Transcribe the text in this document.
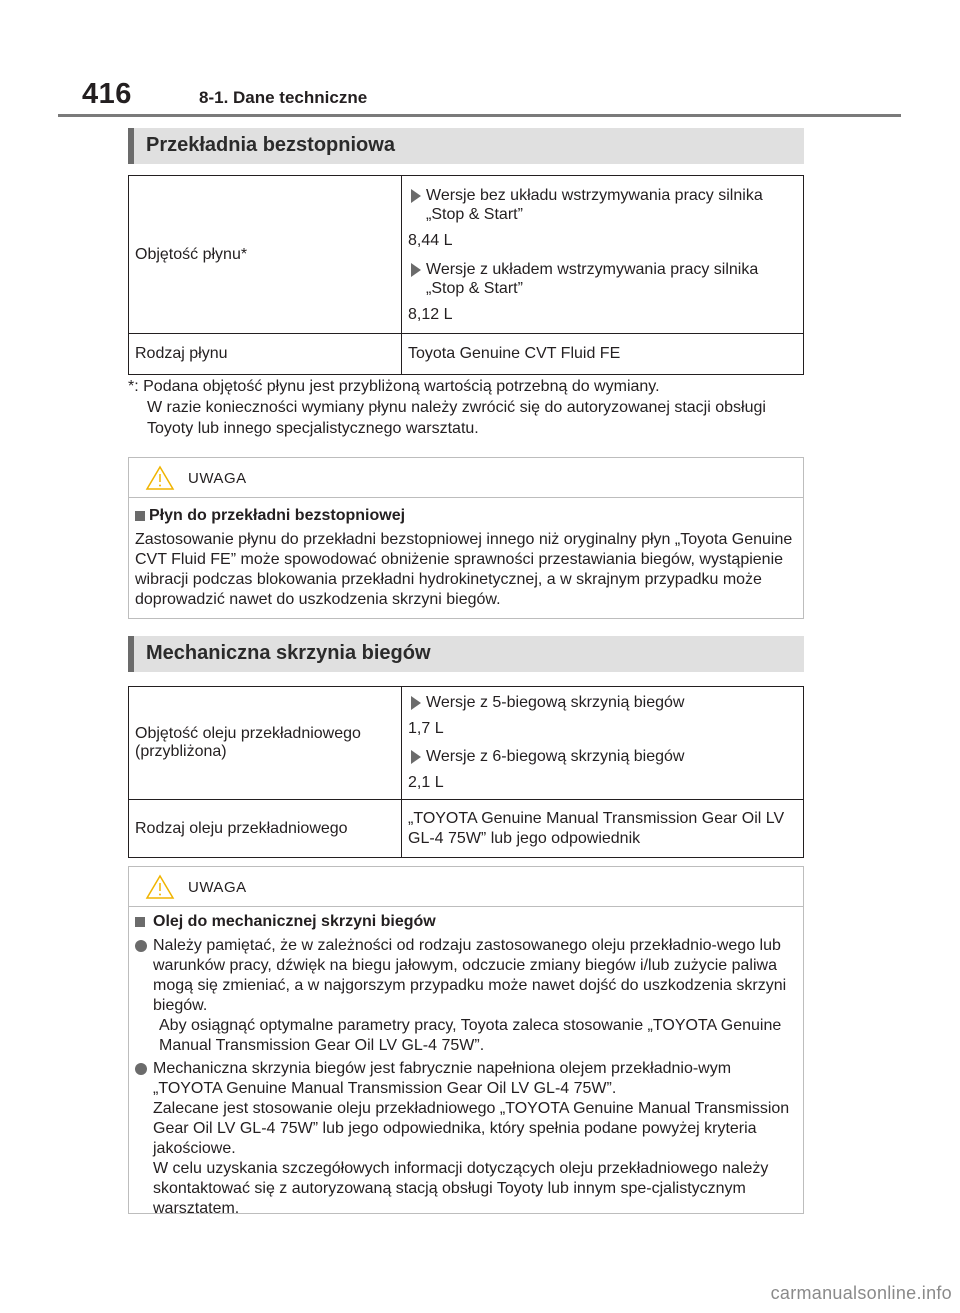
416	8-1. Dane techniczne
Przekładnia bezstopniowa
Objętość płynu*	Wersje bez układu wstrzymywania pracy silnika „Stop & Start”
8,44 L
Wersje z układem wstrzymywania pracy silnika „Stop & Start”
8,12 L

Rodzaj płynu	Toyota Genuine CVT Fluid FE
*: Podana objętość płynu jest przybliżoną wartością potrzebną do wymiany.
W razie konieczności wymiany płynu należy zwrócić się do autoryzowanej stacji obsługi Toyoty lub innego specjalistycznego warsztatu.
UWAGA
Płyn do przekładni bezstopniowej
Zastosowanie płynu do przekładni bezstopniowej innego niż oryginalny płyn „Toyota Genuine CVT Fluid FE” może spowodować obniżenie sprawności przestawiania biegów, wystąpienie wibracji podczas blokowania przekładni hydrokinetycznej, a w skrajnym przypadku może doprowadzić nawet do uszkodzenia skrzyni biegów.
Mechaniczna skrzynia biegów
Objętość oleju przekładniowego (przybliżona)	Wersje z 5-biegową skrzynią biegów
1,7 L
Wersje z 6-biegową skrzynią biegów
2,1 L

Rodzaj oleju przekładniowego	„TOYOTA Genuine Manual Transmission Gear Oil LV GL-4 75W” lub jego odpowiednik
UWAGA
Olej do mechanicznej skrzyni biegów
Należy pamiętać, że w zależności od rodzaju zastosowanego oleju przekładnio-wego lub warunków pracy, dźwięk na biegu jałowym, odczucie zmiany biegów i/lub zużycie paliwa mogą się zmieniać, a w najgorszym przypadku może nawet dojść do uszkodzenia skrzyni biegów.
Aby osiągnąć optymalne parametry pracy, Toyota zaleca stosowanie „TOYOTA Genuine Manual Transmission Gear Oil LV GL-4 75W”.
Mechaniczna skrzynia biegów jest fabrycznie napełniona olejem przekładnio-wym „TOYOTA Genuine Manual Transmission Gear Oil LV GL-4 75W”.
Zalecane jest stosowanie oleju przekładniowego „TOYOTA Genuine Manual Transmission Gear Oil LV GL-4 75W” lub jego odpowiednika, który spełnia podane powyżej kryteria jakościowe.
W celu uzyskania szczegółowych informacji dotyczących oleju przekładniowego należy skontaktować się z autoryzowaną stacją obsługi Toyoty lub innym spe-cjalistycznym warsztatem.
carmanualsonline.info
